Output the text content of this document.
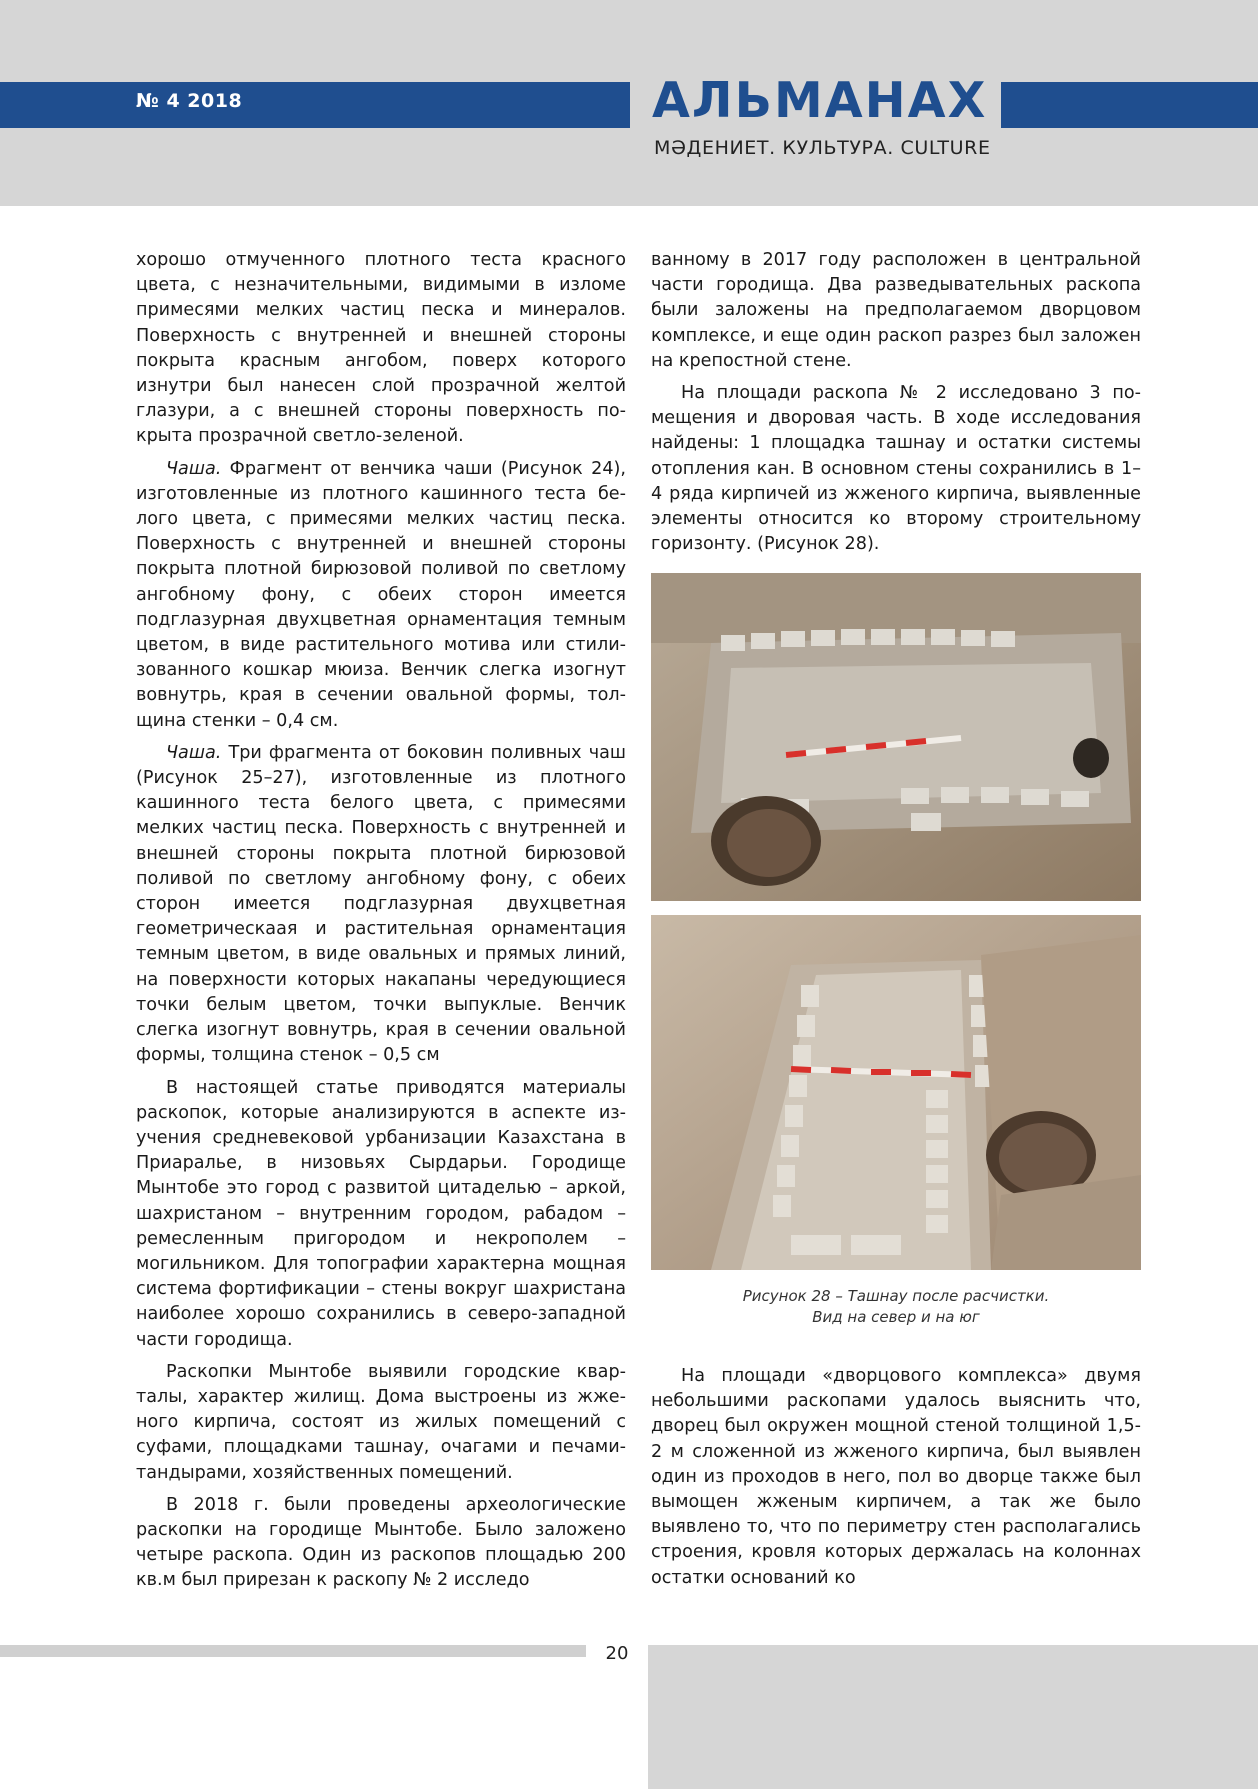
№ 4 2018	АЛЬМАНАХ
МӘДЕНИЕТ. КУЛЬТУРА. CULTURE

хорошо отмученного плотного теста красного цвета, с незначительными, видимыми в изломе примесями мелких частиц песка и минералов. Поверхность с внутренней и внешней стороны покрыта красным ангобом, поверх которого изнутри был нанесен слой прозрачной желтой глазури, а с внешней стороны поверхность покрыта прозрачной светло-зеленой.

Чаша. Фрагмент от венчика чаши (Рисунок 24), изготовленные из плотного кашинного теста белого цвета, с примесями мелких частиц песка. Поверхность с внутренней и внешней стороны покрыта плотной бирюзовой поливой по светлому ангобному фону, с обеих сторон имеется подглазурная двухцветная орнаментация темным цветом, в виде растительного мотива или стилизованного кошкар мюиза. Венчик слегка изогнут вовнутрь, края в сечении овальной формы, толщина стенки – 0,4 см.

Чаша. Три фрагмента от боковин поливных чаш (Рисунок 25–27), изготовленные из плотного кашинного теста белого цвета, с примесями мелких частиц песка. Поверхность с внутренней и внешней стороны покрыта плотной бирюзовой поливой по светлому ангобному фону, с обеих сторон имеется подглазурная двухцветная геометрическаая и растительная орнаментация темным цветом, в виде овальных и прямых линий, на поверхности которых накапаны чередующиеся точки белым цветом, точки выпуклые. Венчик слегка изогнут вовнутрь, края в сечении овальной формы, толщина стенок – 0,5 см

В настоящей статье приводятся материалы раскопок, которые анализируются в аспекте изучения средневековой урбанизации Казахстана в Приаралье, в низовьях Сырдарьи. Городище Мынтобе это город с развитой цитаделью – аркой, шахристаном – внутренним городом, рабадом – ремесленным пригородом и некрополем – могильником. Для топографии характерна мощная система фортификации – стены вокруг шахристана наиболее хорошо сохранились в северо-западной части городища.

Раскопки Мынтобе выявили городские кварталы, характер жилищ. Дома выстроены из жженого кирпича, состоят из жилых помещений с суфами, площадками ташнау, очагами и печами-тандырами, хозяйственных помещений.

В 2018 г. были проведены археологические раскопки на городище Мынтобе. Было заложено четыре раскопа. Один из раскопов площадью 200 кв.м был прирезан к раскопу № 2 исследо

ванному в 2017 году расположен в центральной части городища. Два разведывательных раскопа были заложены на предполагаемом дворцовом комплексе, и еще один раскоп разрез был заложен на крепостной стене.

На площади раскопа № 2 исследовано 3 помещения и дворовая часть. В ходе исследования найдены: 1 площадка ташнау и остатки системы отопления кан. В основном стены сохранились в 1–4 ряда кирпичей из жженого кирпича, выявленные элементы относится ко второму строительному горизонту. (Рисунок 28).

Рисунок 28 – Ташнау после расчистки.
Вид на север и на юг

На площади «дворцового комплекса» двумя небольшими раскопами удалось выяснить что, дворец был окружен мощной стеной толщиной 1,5-2 м сложенной из жженого кирпича, был выявлен один из проходов в него, пол во дворце также был вымощен жженым кирпичем, а так же было выявлено то, что по периметру стен располагались строения, кровля которых держалась на колоннах остатки оснований ко

20
